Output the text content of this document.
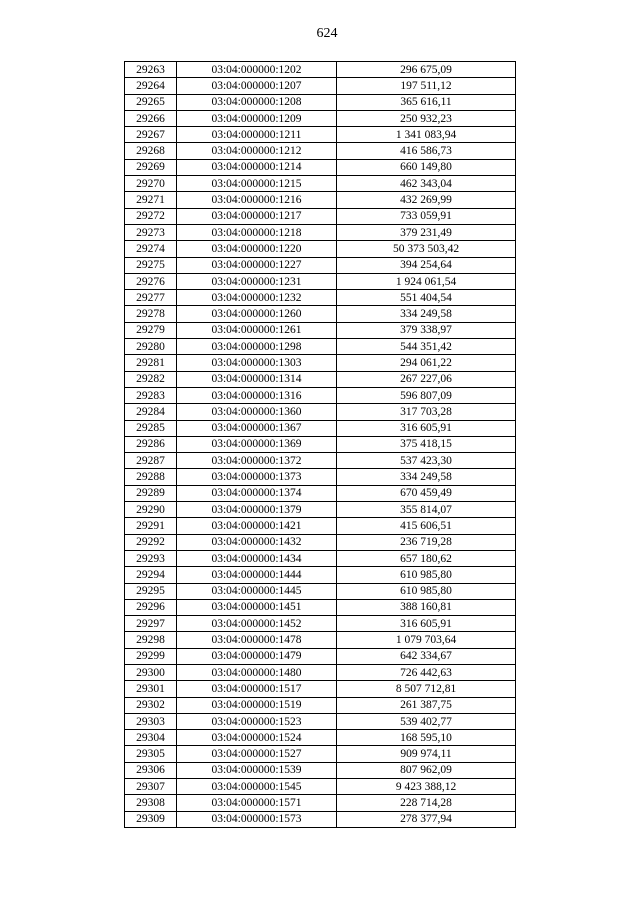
624
29263	03:04:000000:1202	296 675,09
29264	03:04:000000:1207	197 511,12
29265	03:04:000000:1208	365 616,11
29266	03:04:000000:1209	250 932,23
29267	03:04:000000:1211	1 341 083,94
29268	03:04:000000:1212	416 586,73
29269	03:04:000000:1214	660 149,80
29270	03:04:000000:1215	462 343,04
29271	03:04:000000:1216	432 269,99
29272	03:04:000000:1217	733 059,91
29273	03:04:000000:1218	379 231,49
29274	03:04:000000:1220	50 373 503,42
29275	03:04:000000:1227	394 254,64
29276	03:04:000000:1231	1 924 061,54
29277	03:04:000000:1232	551 404,54
29278	03:04:000000:1260	334 249,58
29279	03:04:000000:1261	379 338,97
29280	03:04:000000:1298	544 351,42
29281	03:04:000000:1303	294 061,22
29282	03:04:000000:1314	267 227,06
29283	03:04:000000:1316	596 807,09
29284	03:04:000000:1360	317 703,28
29285	03:04:000000:1367	316 605,91
29286	03:04:000000:1369	375 418,15
29287	03:04:000000:1372	537 423,30
29288	03:04:000000:1373	334 249,58
29289	03:04:000000:1374	670 459,49
29290	03:04:000000:1379	355 814,07
29291	03:04:000000:1421	415 606,51
29292	03:04:000000:1432	236 719,28
29293	03:04:000000:1434	657 180,62
29294	03:04:000000:1444	610 985,80
29295	03:04:000000:1445	610 985,80
29296	03:04:000000:1451	388 160,81
29297	03:04:000000:1452	316 605,91
29298	03:04:000000:1478	1 079 703,64
29299	03:04:000000:1479	642 334,67
29300	03:04:000000:1480	726 442,63
29301	03:04:000000:1517	8 507 712,81
29302	03:04:000000:1519	261 387,75
29303	03:04:000000:1523	539 402,77
29304	03:04:000000:1524	168 595,10
29305	03:04:000000:1527	909 974,11
29306	03:04:000000:1539	807 962,09
29307	03:04:000000:1545	9 423 388,12
29308	03:04:000000:1571	228 714,28
29309	03:04:000000:1573	278 377,94
